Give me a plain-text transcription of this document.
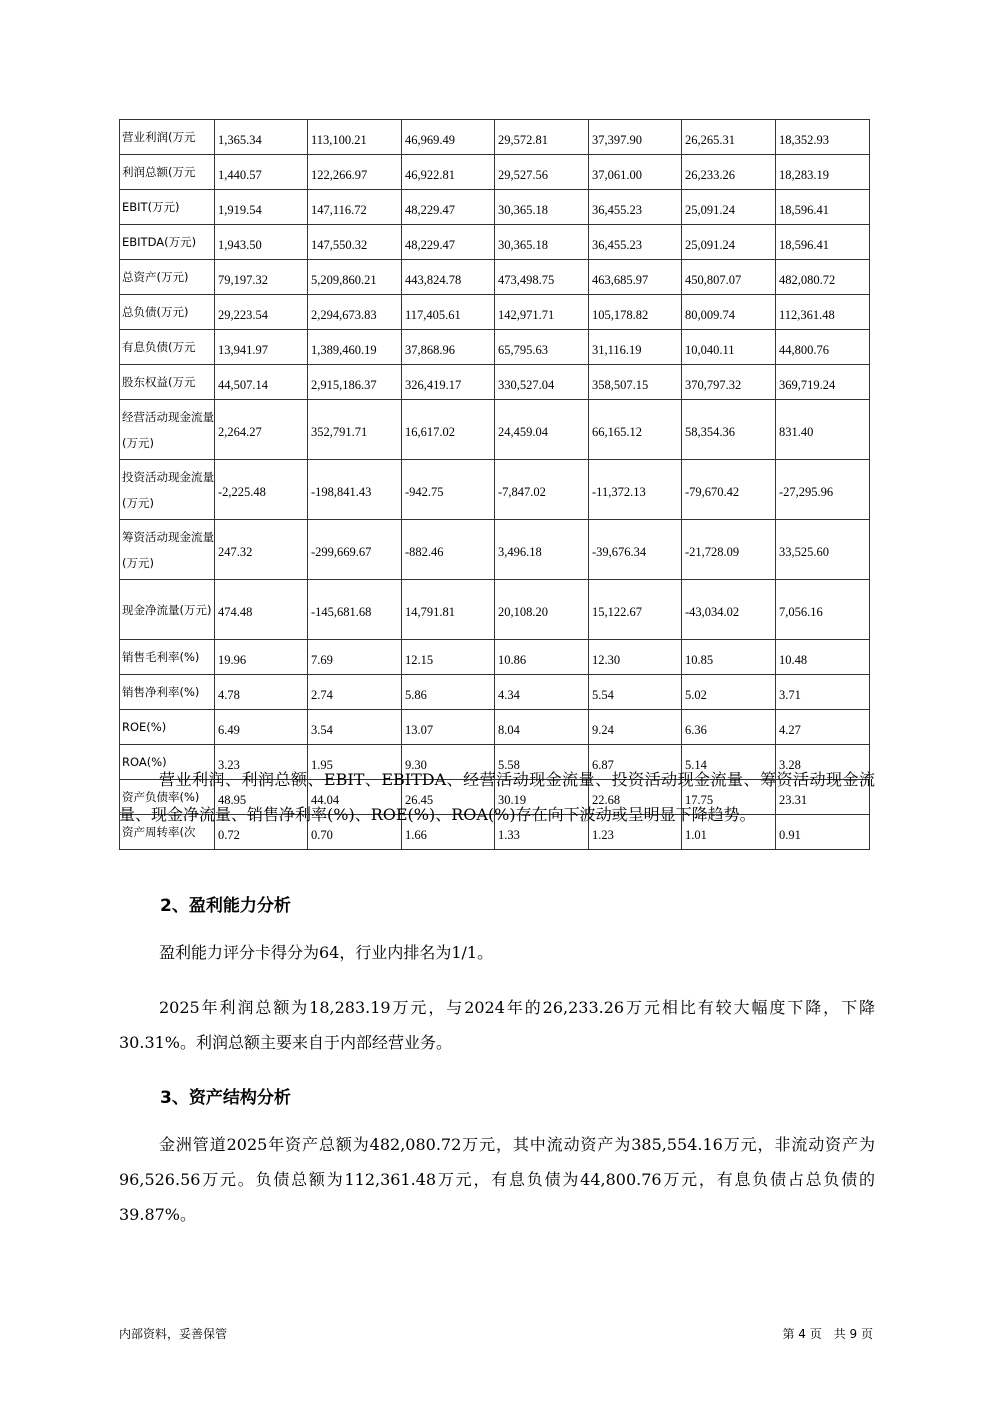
营业利润(万元	1,365.34	113,100.21	46,969.49	29,572.81	37,397.90	26,265.31	18,352.93
利润总额(万元	1,440.57	122,266.97	46,922.81	29,527.56	37,061.00	26,233.26	18,283.19
EBIT(万元)	1,919.54	147,116.72	48,229.47	30,365.18	36,455.23	25,091.24	18,596.41
EBITDA(万元)	1,943.50	147,550.32	48,229.47	30,365.18	36,455.23	25,091.24	18,596.41
总资产(万元)	79,197.32	5,209,860.21	443,824.78	473,498.75	463,685.97	450,807.07	482,080.72
总负债(万元)	29,223.54	2,294,673.83	117,405.61	142,971.71	105,178.82	80,009.74	112,361.48
有息负债(万元	13,941.97	1,389,460.19	37,868.96	65,795.63	31,116.19	10,040.11	44,800.76
股东权益(万元	44,507.14	2,915,186.37	326,419.17	330,527.04	358,507.15	370,797.32	369,719.24
经营活动现金流量(万元)	2,264.27	352,791.71	16,617.02	24,459.04	66,165.12	58,354.36	831.40
投资活动现金流量(万元)	-2,225.48	-198,841.43	-942.75	-7,847.02	-11,372.13	-79,670.42	-27,295.96
筹资活动现金流量(万元)	247.32	-299,669.67	-882.46	3,496.18	-39,676.34	-21,728.09	33,525.60
现金净流量(万元)	474.48	-145,681.68	14,791.81	20,108.20	15,122.67	-43,034.02	7,056.16
销售毛利率(%)	19.96	7.69	12.15	10.86	12.30	10.85	10.48
销售净利率(%)	4.78	2.74	5.86	4.34	5.54	5.02	3.71
ROE(%)	6.49	3.54	13.07	8.04	9.24	6.36	4.27
ROA(%)	3.23	1.95	9.30	5.58	6.87	5.14	3.28
资产负债率(%)	48.95	44.04	26.45	30.19	22.68	17.75	23.31
资产周转率(次	0.72	0.70	1.66	1.33	1.23	1.01	0.91
营业利润、利润总额、EBIT、EBITDA、经营活动现金流量、投资活动现金流量、筹资活动现金流量、现金净流量、销售净利率(%)、ROE(%)、ROA(%)存在向下波动或呈明显下降趋势。
2、盈利能力分析
盈利能力评分卡得分为64，行业内排名为1/1。
2025年利润总额为18,283.19万元，与2024年的26,233.26万元相比有较大幅度下降，下降30.31%。利润总额主要来自于内部经营业务。
3、资产结构分析
金洲管道2025年资产总额为482,080.72万元，其中流动资产为385,554.16万元，非流动资产为96,526.56万元。负债总额为112,361.48万元，有息负债为44,800.76万元，有息负债占总负债的39.87%。
内部资料，妥善保管	第 4 页　共 9 页
